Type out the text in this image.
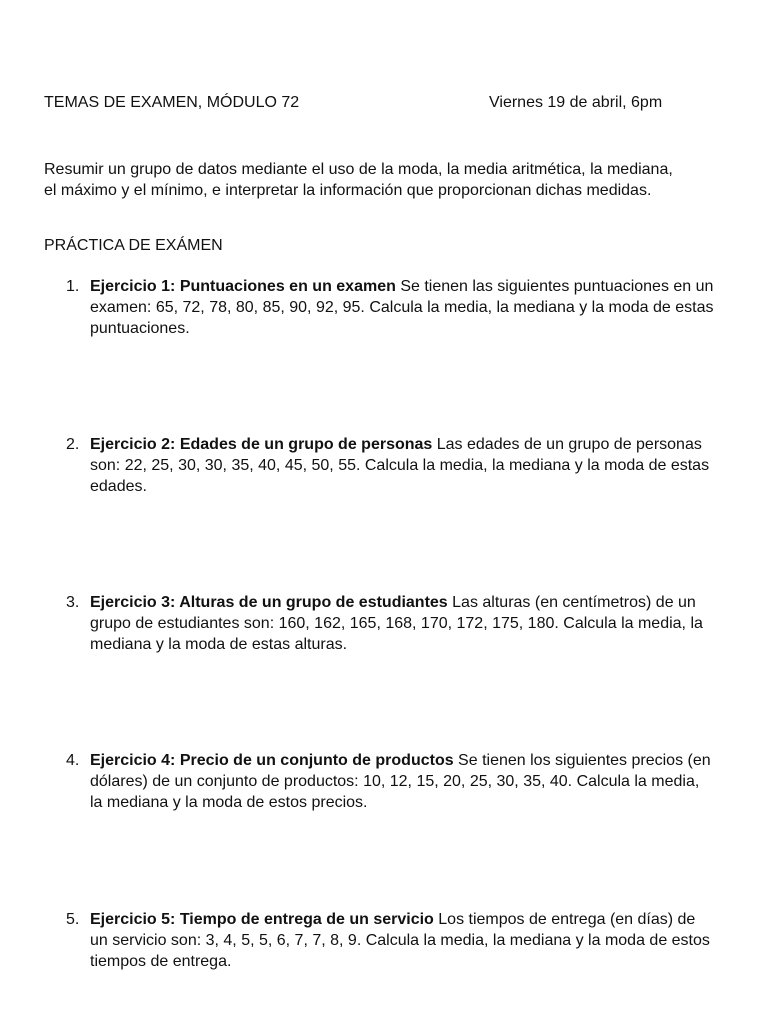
TEMAS DE EXAMEN, MÓDULO 72	Viernes 19 de abril, 6pm
Resumir un grupo de datos mediante el uso de la moda, la media aritmética, la mediana, el máximo y el mínimo, e interpretar la información que proporcionan dichas medidas.
PRÁCTICA DE EXÁMEN
1. Ejercicio 1: Puntuaciones en un examen Se tienen las siguientes puntuaciones en un examen: 65, 72, 78, 80, 85, 90, 92, 95. Calcula la media, la mediana y la moda de estas puntuaciones.
2. Ejercicio 2: Edades de un grupo de personas Las edades de un grupo de personas son: 22, 25, 30, 30, 35, 40, 45, 50, 55. Calcula la media, la mediana y la moda de estas edades.
3. Ejercicio 3: Alturas de un grupo de estudiantes Las alturas (en centímetros) de un grupo de estudiantes son: 160, 162, 165, 168, 170, 172, 175, 180. Calcula la media, la mediana y la moda de estas alturas.
4. Ejercicio 4: Precio de un conjunto de productos Se tienen los siguientes precios (en dólares) de un conjunto de productos: 10, 12, 15, 20, 25, 30, 35, 40. Calcula la media, la mediana y la moda de estos precios.
5. Ejercicio 5: Tiempo de entrega de un servicio Los tiempos de entrega (en días) de un servicio son: 3, 4, 5, 5, 6, 7, 7, 8, 9. Calcula la media, la mediana y la moda de estos tiempos de entrega.
